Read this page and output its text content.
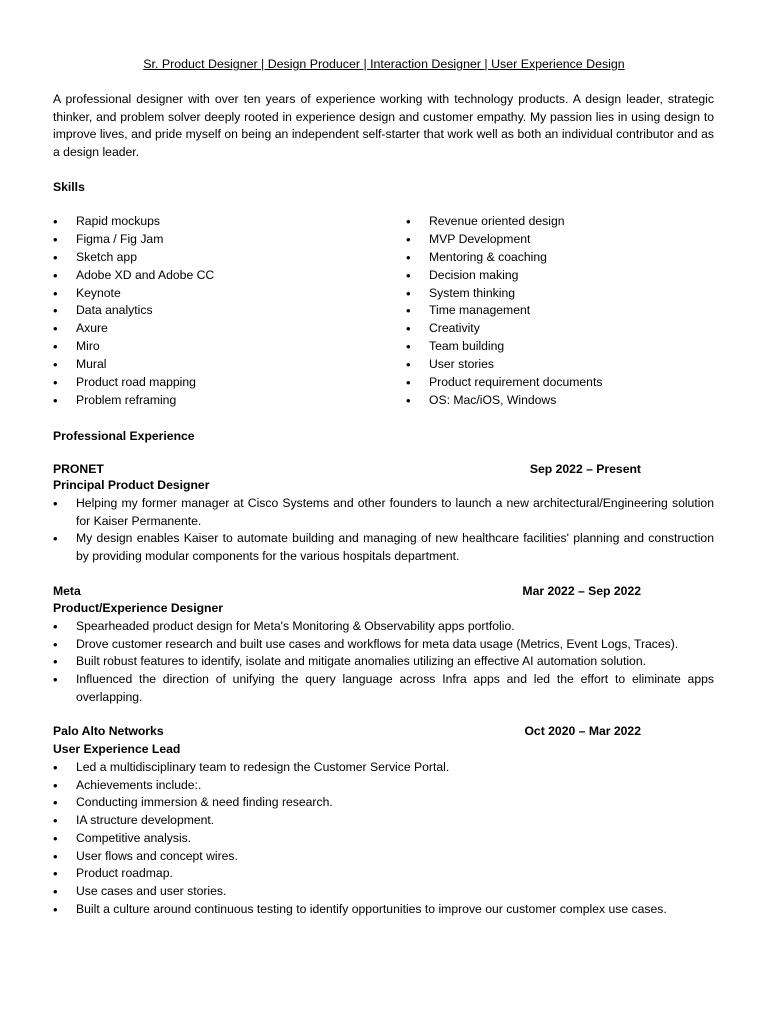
Sr. Product Designer | Design Producer | Interaction Designer | User Experience Design
A professional designer with over ten years of experience working with technology products. A design leader, strategic thinker, and problem solver deeply rooted in experience design and customer empathy. My passion lies in using design to improve lives, and pride myself on being an independent self-starter that work well as both an individual contributor and as a design leader.
Skills
• Rapid mockups
• Figma / Fig Jam
• Sketch app
• Adobe XD and Adobe CC
• Keynote
• Data analytics
• Axure
• Miro
• Mural
• Product road mapping
• Problem reframing
• Revenue oriented design
• MVP Development
• Mentoring & coaching
• Decision making
• System thinking
• Time management
• Creativity
• Team building
• User stories
• Product requirement documents
• OS: Mac/iOS, Windows
Professional Experience
PRONET	Sep 2022 – Present
Principal Product Designer
• Helping my former manager at Cisco Systems and other founders to launch a new architectural/Engineering solution for Kaiser Permanente.
• My design enables Kaiser to automate building and managing of new healthcare facilities' planning and construction by providing modular components for the various hospitals department.
Meta	Mar 2022 – Sep 2022
Product/Experience Designer
• Spearheaded product design for Meta's Monitoring & Observability apps portfolio.
• Drove customer research and built use cases and workflows for meta data usage (Metrics, Event Logs, Traces).
• Built robust features to identify, isolate and mitigate anomalies utilizing an effective AI automation solution.
• Influenced the direction of unifying the query language across Infra apps and led the effort to eliminate apps overlapping.
Palo Alto Networks	Oct 2020 – Mar 2022
User Experience Lead
• Led a multidisciplinary team to redesign the Customer Service Portal.
• Achievements include:.
• Conducting immersion & need finding research.
• IA structure development.
• Competitive analysis.
• User flows and concept wires.
• Product roadmap.
• Use cases and user stories.
• Built a culture around continuous testing to identify opportunities to improve our customer complex use cases.
